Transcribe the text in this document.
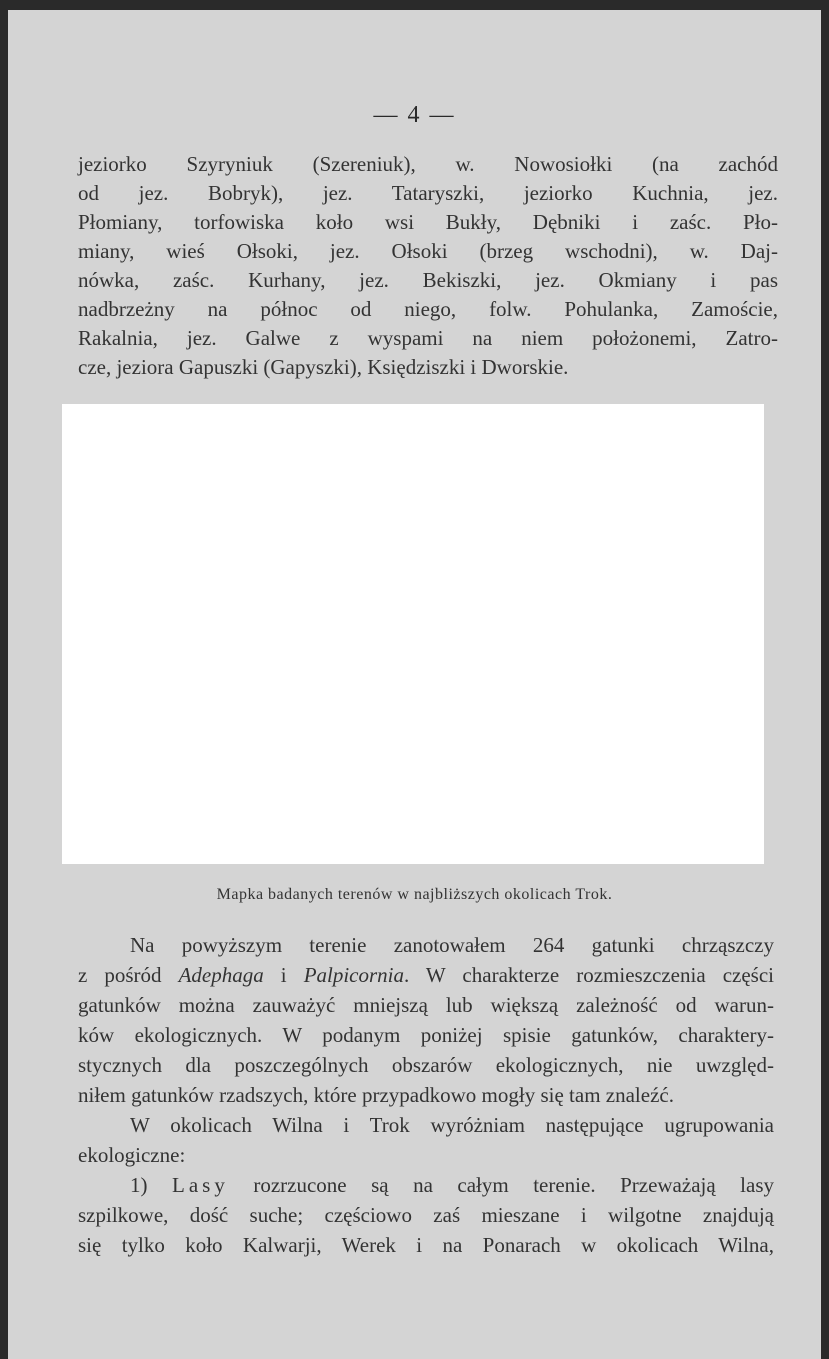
— 4 —
jeziorko Szyryniuk (Szereniuk), w. Nowosiołki (na zachód
od jez. Bobryk), jez. Tataryszki, jeziorko Kuchnia, jez.
Płomiany, torfowiska koło wsi Bukły, Dębniki i zaśc. Pło-
miany, wieś Ołsoki, jez. Ołsoki (brzeg wschodni), w. Daj-
nówka, zaśc. Kurhany, jez. Bekiszki, jez. Okmiany i pas
nadbrzeżny na północ od niego, folw. Pohulanka, Zamoście,
Rakalnia, jez. Galwe z wyspami na niem położonemi, Zatro-
cze, jeziora Gapuszki (Gapyszki), Księdziszki i Dworskie.
Mapka badanych terenów w najbliższych okolicach Trok.
Na powyższym terenie zanotowałem 264 gatunki chrząszczy
z pośród Adephaga i Palpicornia. W charakterze rozmieszczenia części
gatunków można zauważyć mniejszą lub większą zależność od warun-
ków ekologicznych. W podanym poniżej spisie gatunków, charaktery-
stycznych dla poszczególnych obszarów ekologicznych, nie uwzględ-
niłem gatunków rzadszych, które przypadkowo mogły się tam znaleźć.
W okolicach Wilna i Trok wyróżniam następujące ugrupowania
ekologiczne:
1) Lasy rozrzucone są na całym terenie. Przeważają lasy
szpilkowe, dość suche; częściowo zaś mieszane i wilgotne znajdują
się tylko koło Kalwarji, Werek i na Ponarach w okolicach Wilna,
